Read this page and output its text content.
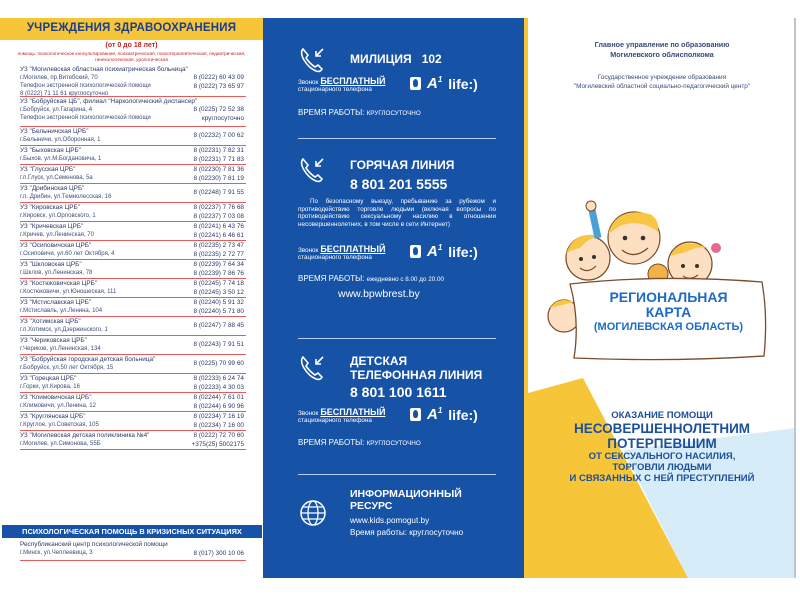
УЧРЕЖДЕНИЯ ЗДРАВООХРАНЕНИЯ
(от 0 до 18 лет)
помощь: психологическое консультирование, психиатрическая, психотерапевтическая, педиатрическая, гинекологическая, урологическая
УЗ "Могилевская областная психиатрическая больница"
г.Могилев, пр.Витебский, 70
Телефон экстренной психологической помощи
8 (0222) 71 11 61 круглосуточно
8 (0222) 60 43 09
8 (0222) 73 65 97
УЗ "Бобруйская ЦБ", филиал "Наркологический диспансер"
г.Бобруйск, ул.Гагарина, 4
Телефон экстренной психологической помощи
8 (0225) 72 52 38
круглосуточно
УЗ "Белыничская ЦРБ"
г.Белыничи, ул.Оборонная, 1
8 (02232) 7 00 62
УЗ "Быховская ЦРБ"
г.Быхов, ул.М.Богдановича, 1
8 (02231) 7 82 31
8 (02231) 7 71 83
УЗ "Глусская ЦРБ"
г.п.Глуск, ул.Семенова, 5а
8 (02230) 7 81 36
8 (02230) 7 81 19
УЗ "Дрибинская ЦРБ"
г.п. Дрибин, ул.Темнолесская, 16
8 (02248) 7 91 55
УЗ "Кировская ЦРБ"
г.Кировск, ул.Орловского, 1
8 (02237) 7 76 68
8 (02237) 7 03 08
УЗ "Кричевская ЦРБ"
г.Кричев, ул.Ленинская, 70
8 (02241) 6 43 76
8 (02241) 6 46 61
УЗ "Осиповичская ЦРБ"
г.Осиповичи, ул.60 лет Октября, 4
8 (02235) 2 73 47
8 (02235) 2 72 77
УЗ "Шкловская ЦРБ"
г.Шклов, ул.Ленинская, 78
8 (02239) 7 64 34
8 (02239) 7 86 76
УЗ "Костюковичская ЦРБ"
г.Костюковичи, ул.Юношеская, 111
8 (02245) 7 74 18
8 (02245) 3 50 12
УЗ "Мстиславская ЦРБ"
г.Мстиславль, ул.Ленина, 104
8 (02240) 5 91 32
8 (02240) 5 71 80
УЗ "Хотимская ЦРБ"
г.п.Хотимск, ул.Дзержинского, 1
8 (02247) 7 88 45
УЗ "Чериковская ЦРБ"
г.Чериков, ул.Ленинская, 134
8 (02243) 7 91 51
УЗ "Бобруйская городская детская больница"
г.Бобруйск, ул.50 лет Октября, 15
8 (0225) 70 99 60
УЗ "Горецкая ЦРБ"
г.Горки, ул.Кирова, 16
8 (02233) 6 24 74
8 (02233) 4 30 03
УЗ "Климовичская ЦРБ"
г.Климовичи, ул.Ленина, 12
8 (02244) 7 61 01
8 (02244) 6 90 96
УЗ "Круглянская ЦРБ"
г.Круглое, ул.Советская, 105
8 (02234) 7 16 19
8 (02234) 7 16 00
УЗ "Могилевская детская поликлиника №4"
г.Могилев, ул.Симонова, 55Б
8 (0222) 72 70 60
+375(25) 5002175
ПСИХОЛОГИЧЕСКАЯ ПОМОЩЬ В КРИЗИСНЫХ СИТУАЦИЯХ
Республиканский центр психологической помощи
г.Минск, ул.Чеплеевица, 3	8 (017) 300 10 06
МИЛИЦИЯ 102
Звонок БЕСПЛАТНЫЙ
стационарного телефона	$A^1$ life:)
ВРЕМЯ РАБОТЫ: КРУГЛОСУТОЧНО
ГОРЯЧАЯ ЛИНИЯ
8 801 201 5555
По безопасному выезду, пребыванию за рубежом и противодействию торговле людьми (включая вопросы по противодействию сексуальному насилию в отношении несовершеннолетних, в том числе в сети Интернет)
Звонок БЕСПЛАТНЫЙ
стационарного телефона	$A^1$ life:)
ВРЕМЯ РАБОТЫ: ежедневно с 8.00 до 20.00
www.bpwbrest.by
ДЕТСКАЯ
ТЕЛЕФОННАЯ ЛИНИЯ
8 801 100 1611
Звонок БЕСПЛАТНЫЙ
стационарного телефона	$A^1$ life:)
ВРЕМЯ РАБОТЫ: КРУГЛОСУТОЧНО
ИНФОРМАЦИОННЫЙ
РЕСУРС
www.kids.pomogut.by
Время работы: круглосуточно
Главное управление по образованию
Могилевского облисполкома
Государственное учреждение образования
"Могилевский областной социально-педагогический центр"
РЕГИОНАЛЬНАЯ
КАРТА
(МОГИЛЕВСКАЯ ОБЛАСТЬ)
ОКАЗАНИЕ ПОМОЩИ
НЕСОВЕРШЕННОЛЕТНИМ
ПОТЕРПЕВШИМ
ОТ СЕКСУАЛЬНОГО НАСИЛИЯ,
ТОРГОВЛИ ЛЮДЬМИ
И СВЯЗАННЫХ С НЕЙ ПРЕСТУПЛЕНИЙ
